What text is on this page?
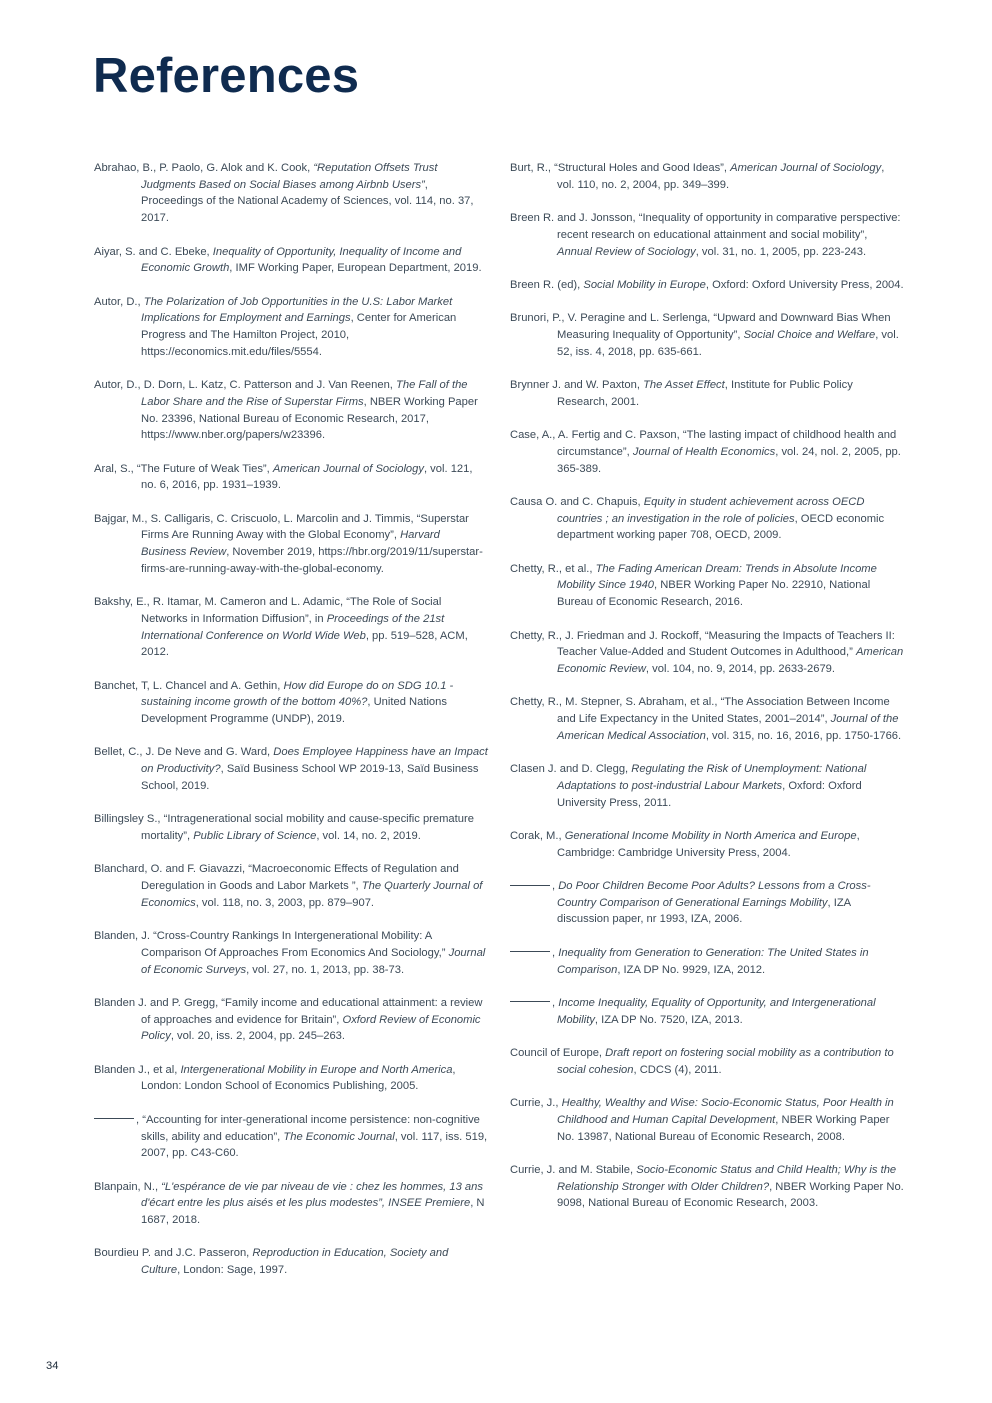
References

Abrahao, B., P. Paolo, G. Alok and K. Cook, “Reputation Offsets Trust Judgments Based on Social Biases among Airbnb Users”, Proceedings of the National Academy of Sciences, vol. 114, no. 37, 2017.

Aiyar, S. and C. Ebeke, Inequality of Opportunity, Inequality of Income and Economic Growth, IMF Working Paper, European Department, 2019.

Autor, D., The Polarization of Job Opportunities in the U.S: Labor Market Implications for Employment and Earnings, Center for American Progress and The Hamilton Project, 2010, https://economics.mit.edu/files/5554.

Autor, D., D. Dorn, L. Katz, C. Patterson and J. Van Reenen, The Fall of the Labor Share and the Rise of Superstar Firms, NBER Working Paper No. 23396, National Bureau of Economic Research, 2017, https://www.nber.org/papers/w23396.

Aral, S., “The Future of Weak Ties”, American Journal of Sociology, vol. 121, no. 6, 2016, pp. 1931–1939.

Bajgar, M., S. Calligaris, C. Criscuolo, L. Marcolin and J. Timmis, “Superstar Firms Are Running Away with the Global Economy”, Harvard Business Review, November 2019, https://hbr.org/2019/11/superstar-firms-are-running-away-with-the-global-economy.

Bakshy, E., R. Itamar, M. Cameron and L. Adamic, “The Role of Social Networks in Information Diffusion”, in Proceedings of the 21st International Conference on World Wide Web, pp. 519–528, ACM, 2012.

Banchet, T, L. Chancel and A. Gethin, How did Europe do on SDG 10.1 - sustaining income growth of the bottom 40%?, United Nations Development Programme (UNDP), 2019.

Bellet, C., J. De Neve and G. Ward, Does Employee Happiness have an Impact on Productivity?, Saïd Business School WP 2019-13, Saïd Business School, 2019.

Billingsley S., “Intragenerational social mobility and cause-specific premature mortality”, Public Library of Science, vol. 14, no. 2, 2019.

Blanchard, O. and F. Giavazzi, “Macroeconomic Effects of Regulation and Deregulation in Goods and Labor Markets ”, The Quarterly Journal of Economics, vol. 118, no. 3, 2003, pp. 879–907.

Blanden, J. “Cross-Country Rankings In Intergenerational Mobility: A Comparison Of Approaches From Economics And Sociology,” Journal of Economic Surveys, vol. 27, no. 1, 2013, pp. 38-73.

Blanden J. and P. Gregg, “Family income and educational attainment: a review of approaches and evidence for Britain”, Oxford Review of Economic Policy, vol. 20, iss. 2, 2004, pp. 245–263.

Blanden J., et al, Intergenerational Mobility in Europe and North America, London: London School of Economics Publishing, 2005.

, “Accounting for inter-generational income persistence: non-cognitive skills, ability and education”, The Economic Journal, vol. 117, iss. 519, 2007, pp. C43-C60.

Blanpain, N., “L'espérance de vie par niveau de vie : chez les hommes, 13 ans d'écart entre les plus aisés et les plus modestes”, INSEE Premiere, N 1687, 2018.

Bourdieu P. and J.C. Passeron, Reproduction in Education, Society and Culture, London: Sage, 1997.

Burt, R., “Structural Holes and Good Ideas”, American Journal of Sociology, vol. 110, no. 2, 2004, pp. 349–399.

Breen R. and J. Jonsson, “Inequality of opportunity in comparative perspective: recent research on educational attainment and social mobility”, Annual Review of Sociology, vol. 31, no. 1, 2005, pp. 223-243.

Breen R. (ed), Social Mobility in Europe, Oxford: Oxford University Press, 2004.

Brunori, P., V. Peragine and L. Serlenga, “Upward and Downward Bias When Measuring Inequality of Opportunity”, Social Choice and Welfare, vol. 52, iss. 4, 2018, pp. 635-661.

Brynner J. and W. Paxton, The Asset Effect, Institute for Public Policy Research, 2001.

Case, A., A. Fertig and C. Paxson, “The lasting impact of childhood health and circumstance”, Journal of Health Economics, vol. 24, nol. 2, 2005, pp. 365-389.

Causa O. and C. Chapuis, Equity in student achievement across OECD countries ; an investigation in the role of policies, OECD economic department working paper 708, OECD, 2009.

Chetty, R., et al., The Fading American Dream: Trends in Absolute Income Mobility Since 1940, NBER Working Paper No. 22910, National Bureau of Economic Research, 2016.

Chetty, R., J. Friedman and J. Rockoff, “Measuring the Impacts of Teachers II: Teacher Value-Added and Student Outcomes in Adulthood,” American Economic Review, vol. 104, no. 9, 2014, pp. 2633-2679.

Chetty, R., M. Stepner, S. Abraham, et al., “The Association Between Income and Life Expectancy in the United States, 2001–2014”, Journal of the American Medical Association, vol. 315, no. 16, 2016, pp. 1750-1766.

Clasen J. and D. Clegg, Regulating the Risk of Unemployment: National Adaptations to post-industrial Labour Markets, Oxford: Oxford University Press, 2011.

Corak, M., Generational Income Mobility in North America and Europe, Cambridge: Cambridge University Press, 2004.

, Do Poor Children Become Poor Adults? Lessons from a Cross-Country Comparison of Generational Earnings Mobility, IZA discussion paper, nr 1993, IZA, 2006.

, Inequality from Generation to Generation: The United States in Comparison, IZA DP No. 9929, IZA, 2012.

, Income Inequality, Equality of Opportunity, and Intergenerational Mobility, IZA DP No. 7520, IZA, 2013.

Council of Europe, Draft report on fostering social mobility as a contribution to social cohesion, CDCS (4), 2011.

Currie, J., Healthy, Wealthy and Wise: Socio-Economic Status, Poor Health in Childhood and Human Capital Development, NBER Working Paper No. 13987, National Bureau of Economic Research, 2008.

Currie, J. and M. Stabile, Socio-Economic Status and Child Health; Why is the Relationship Stronger with Older Children?, NBER Working Paper No. 9098, National Bureau of Economic Research, 2003.

34
